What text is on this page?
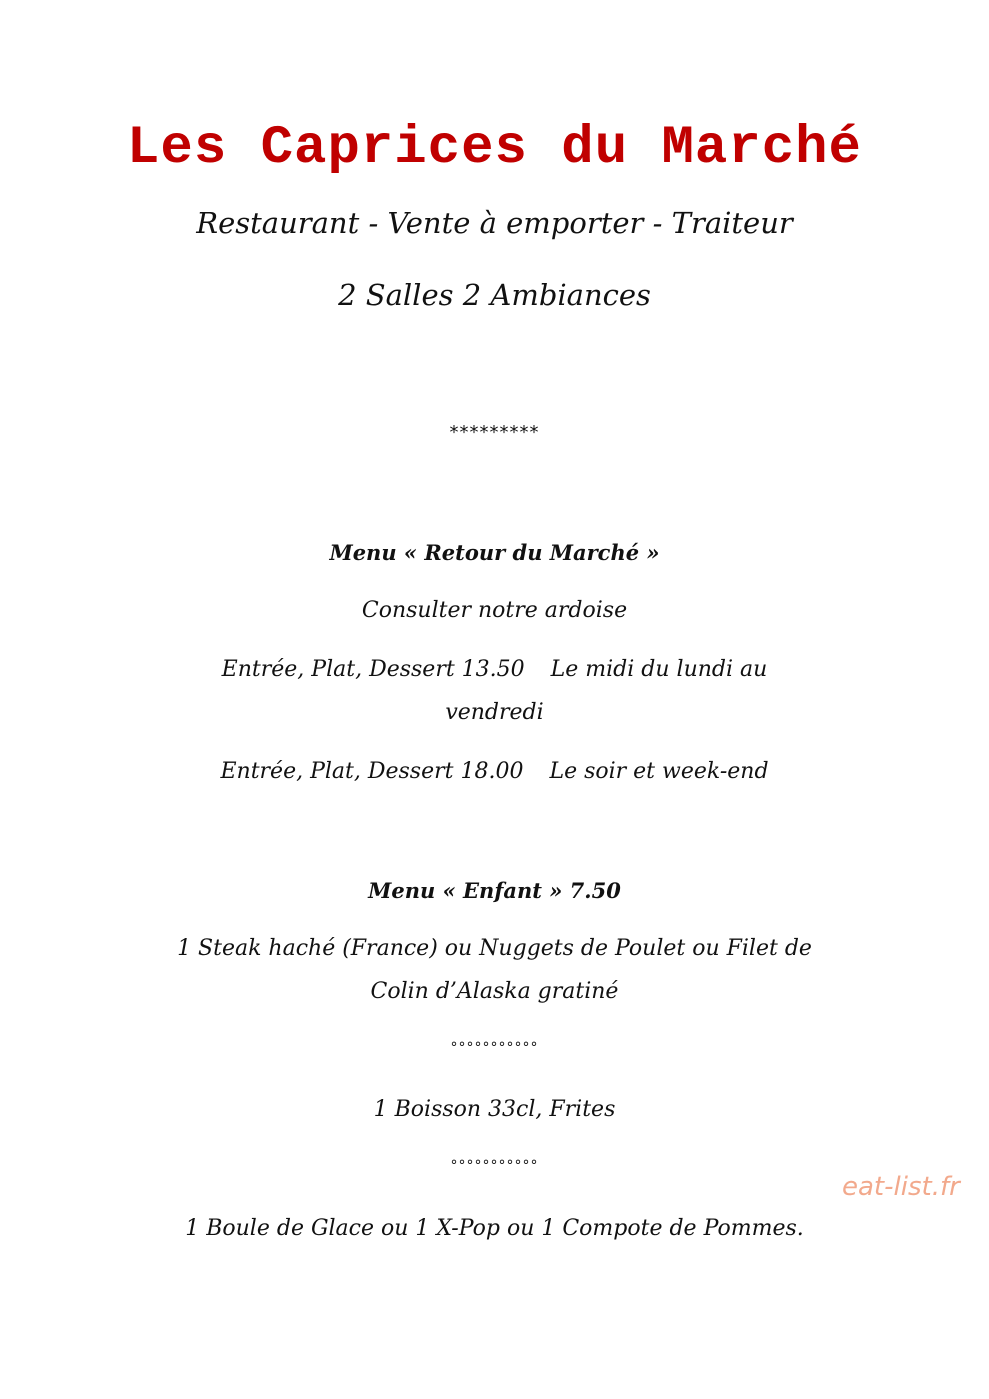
Les Caprices du Marché
Restaurant - Vente à emporter - Traiteur
2 Salles 2 Ambiances
*********
Menu « Retour du Marché »
Consulter notre ardoise
Entrée, Plat, Dessert 13.50 Le midi du lundi au
vendredi
Entrée, Plat, Dessert 18.00 Le soir et week-end
Menu « Enfant » 7.50
1 Steak haché (France) ou Nuggets de Poulet ou Filet de
Colin d’Alaska gratiné
°°°°°°°°°°°
1 Boisson 33cl, Frites
°°°°°°°°°°°
1 Boule de Glace ou 1 X-Pop ou 1 Compote de Pommes.
eat-list.fr
